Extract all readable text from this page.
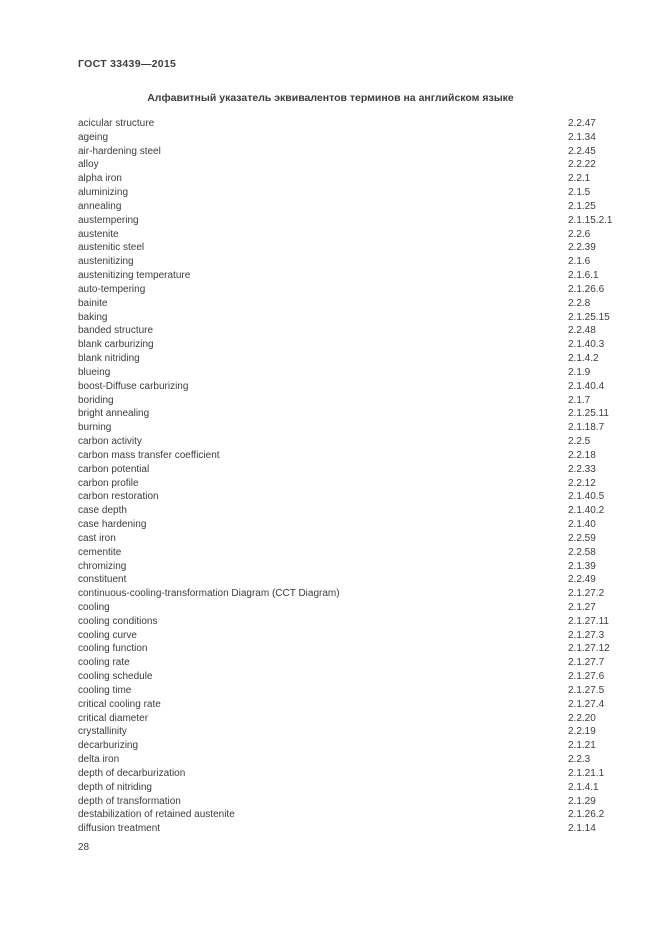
ГОСТ 33439—2015
Алфавитный указатель эквивалентов терминов на английском языке
acicular structure	2.2.47
ageing	2.1.34
air-hardening steel	2.2.45
alloy	2.2.22
alpha iron	2.2.1
aluminizing	2.1.5
annealing	2.1.25
austempering	2.1.15.2.1
austenite	2.2.6
austenitic steel	2.2.39
austenitizing	2.1.6
austenitizing temperature	2.1.6.1
auto-tempering	2.1.26.6
bainite	2.2.8
baking	2.1.25.15
banded structure	2.2.48
blank carburizing	2.1.40.3
blank nitriding	2.1.4.2
blueing	2.1.9
boost-Diffuse carburizing	2.1.40.4
boriding	2.1.7
bright annealing	2.1.25.11
burning	2.1.18.7
carbon activity	2.2.5
carbon mass transfer coefficient	2.2.18
carbon potential	2.2.33
carbon profile	2.2.12
carbon restoration	2.1.40.5
case depth	2.1.40.2
case hardening	2.1.40
cast iron	2.2.59
cementite	2.2.58
chromizing	2.1.39
constituent	2.2.49
continuous-cooling-transformation Diagram (CCT Diagram)	2.1.27.2
cooling	2.1.27
cooling conditions	2.1.27.11
cooling curve	2.1.27.3
cooling function	2.1.27.12
cooling rate	2.1.27.7
cooling schedule	2.1.27.6
cooling time	2.1.27.5
critical cooling rate	2.1.27.4
critical diameter	2.2.20
crystallinity	2.2.19
decarburizing	2.1.21
delta iron	2.2.3
depth of decarburization	2.1.21.1
depth of nitriding	2.1.4.1
depth of transformation	2.1.29
destabilization of retained austenite	2.1.26.2
diffusion treatment	2.1.14
28
